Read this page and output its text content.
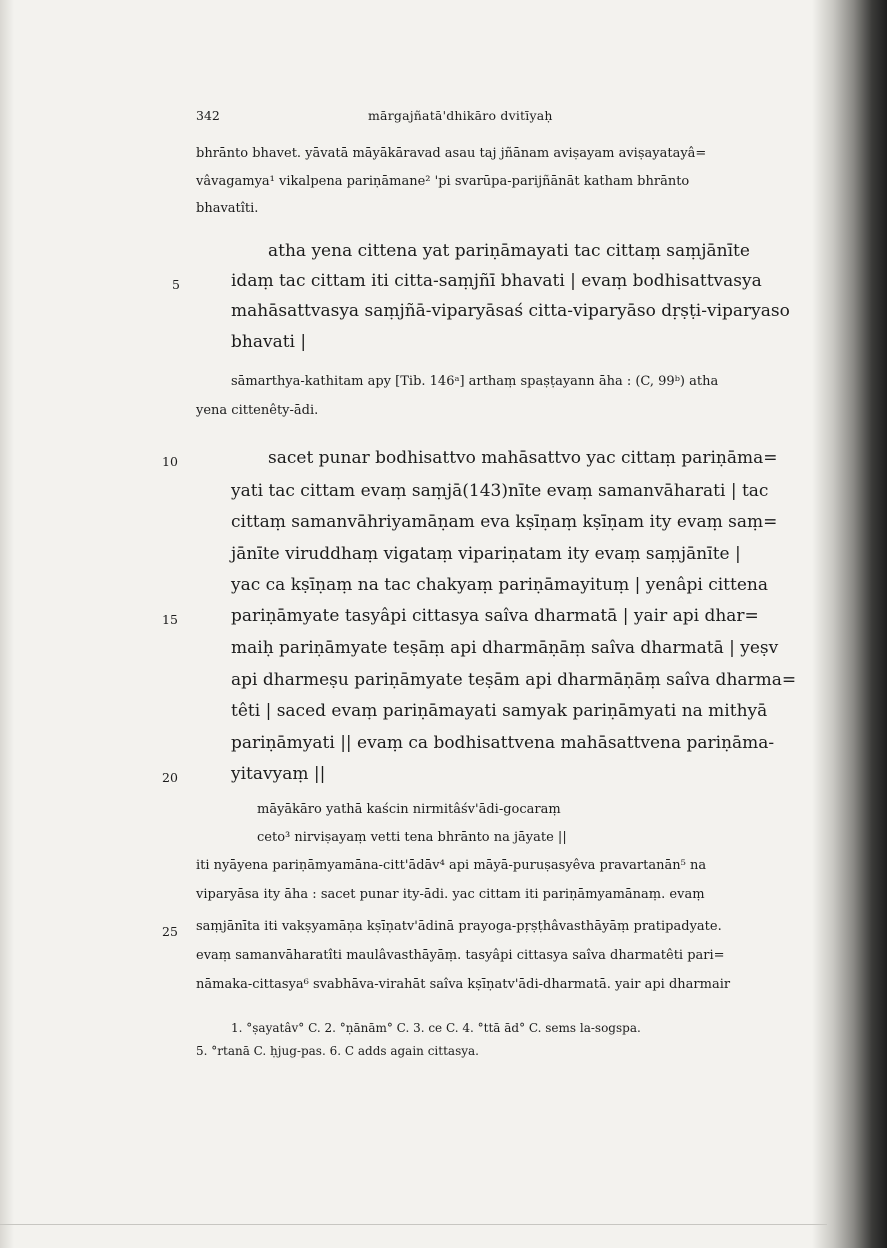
342	mārgajñatā'dhikāro dvitīyaḥ
bhrānto bhavet. yāvatā māyākāravad asau taj jñānam aviṣayam aviṣayatayâ=
vâvagamya¹ vikalpena pariṇāmane² 'pi svarūpa-parijñānāt katham bhrānto
bhavatîti.
atha yena cittena yat pariṇāmayati tac cittaṃ saṃjānīte
idaṃ tac cittam iti citta-saṃjñī bhavati | evaṃ bodhisattvasya
mahāsattvasya saṃjñā-viparyāsaś citta-viparyāso dṛṣṭi-viparyaso
bhavati |
sāmarthya-kathitam apy [Tib. 146ᵃ] arthaṃ spaṣṭayann āha : (C, 99ᵇ) atha
yena cittenêty-ādi.
sacet punar bodhisattvo mahāsattvo yac cittaṃ pariṇāma=
yati tac cittam evaṃ saṃjā(143)nīte evaṃ samanvāharati | tac
cittaṃ samanvāhriyamāṇam eva kṣīṇaṃ kṣīṇam ity evaṃ saṃ=
jānīte viruddhaṃ vigataṃ vipariṇatam ity evaṃ saṃjānīte |
yac ca kṣīṇaṃ na tac chakyaṃ pariṇāmayituṃ | yenâpi cittena
pariṇāmyate tasyâpi cittasya saîva dharmatā | yair api dhar=
maiḥ pariṇāmyate teṣāṃ api dharmāṇāṃ saîva dharmatā | yeṣv
api dharmeṣu pariṇāmyate teṣām api dharmāṇāṃ saîva dharma=
têti | saced evaṃ pariṇāmayati samyak pariṇāmyati na mithyā
pariṇāmyati || evaṃ ca bodhisattvena mahāsattvena pariṇāma-
yitavyaṃ ||
māyākāro yathā kaścin nirmitâśv'ādi-gocaraṃ
ceto³ nirviṣayaṃ vetti tena bhrānto na jāyate ||
iti nyāyena pariṇāmyamāna-citt'ādāv⁴ api māyā-puruṣasyêva pravartanān⁵ na
viparyāsa ity āha : sacet punar ity-ādi. yac cittam iti pariṇāmyamānaṃ. evaṃ
saṃjānīta iti vakṣyamāṇa kṣīṇatv'ādinā prayoga-pṛṣṭhâvasthāyāṃ pratipadyate.
evaṃ samanvāharatîti maulâvasthāyāṃ. tasyâpi cittasya saîva dharmatêti pari=
nāmaka-cittasya⁶ svabhāva-virahāt saîva kṣīṇatv'ādi-dharmatā. yair api dharmair
5
10
15
20
25
1. °ṣayatâv° C. 2. °ṇānām° C. 3. ce C. 4. °ttā ād° C. sems la-sogspa.
5. °rtanā C. ḥjug-pas. 6. C adds again cittasya.
